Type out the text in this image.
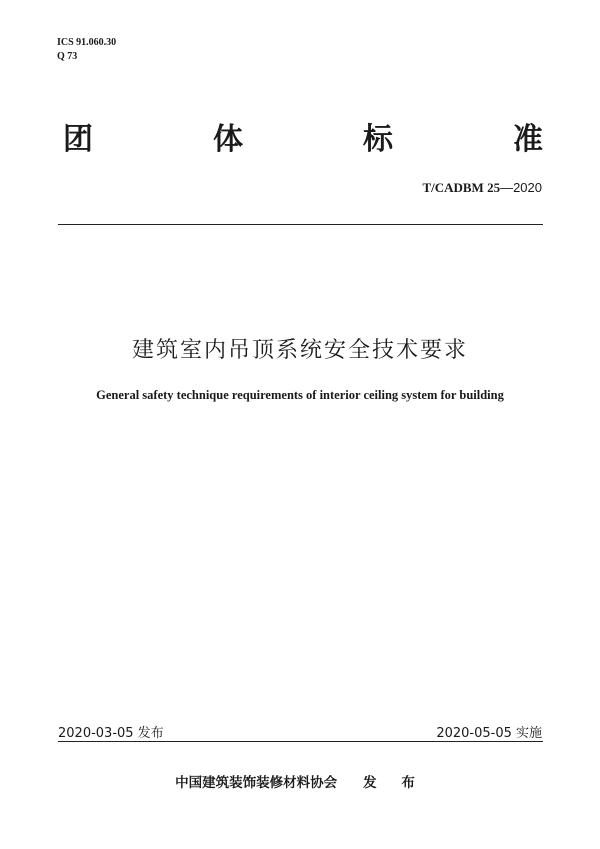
ICS 91.060.30
Q 73
团	体	标	准
T/CADBM 25—2020
建筑室内吊顶系统安全技术要求
General safety technique requirements of interior ceiling system for building
2020-03-05 发布	2020-05-05 实施
中国建筑装饰装修材料协会 发 布
